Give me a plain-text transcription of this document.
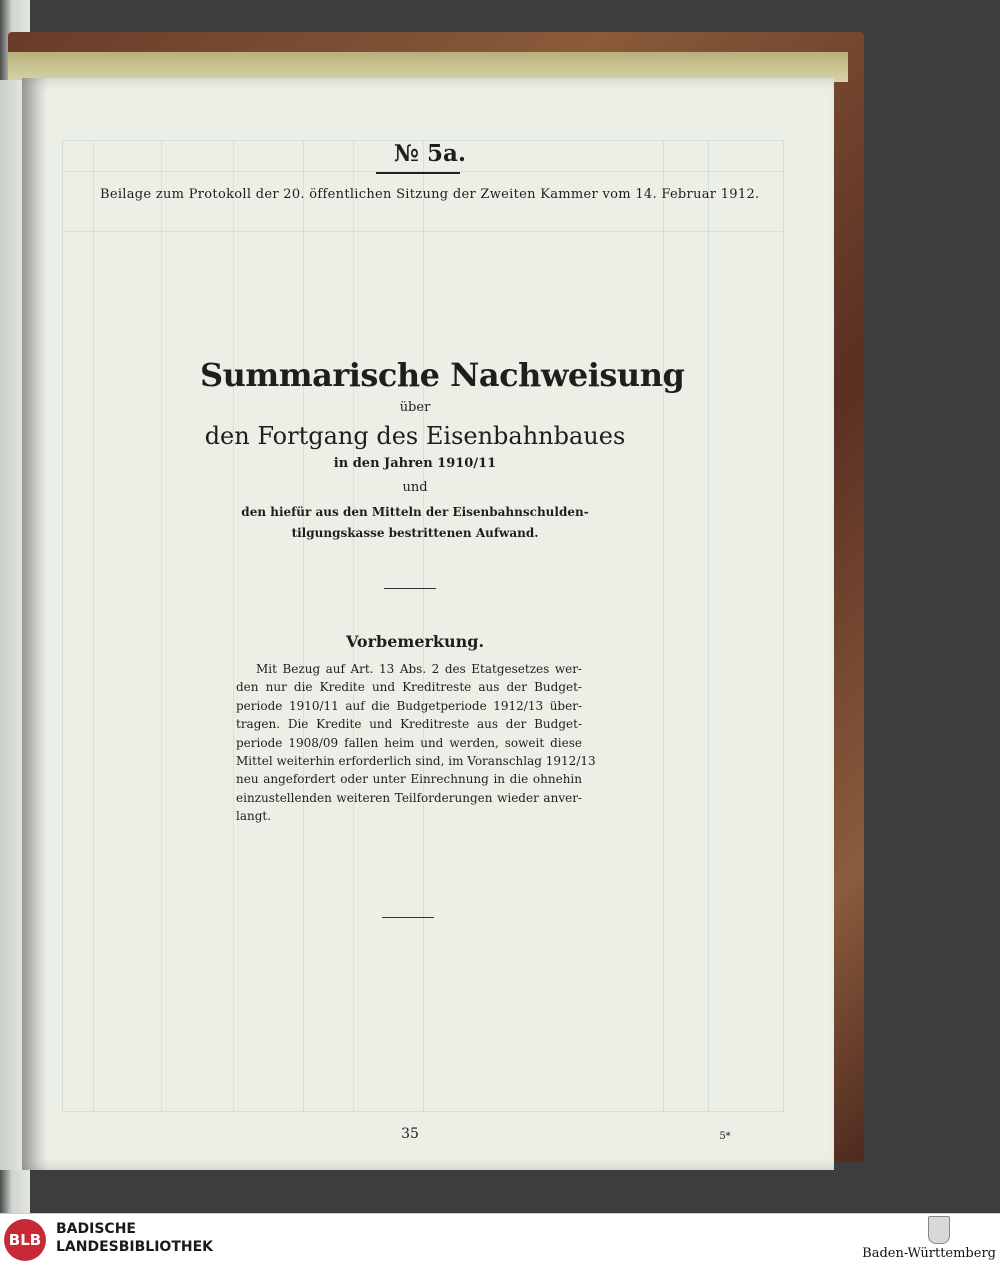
№ 5a.
Beilage zum Protokoll der 20. öffentlichen Sitzung der Zweiten Kammer vom 14. Februar 1912.
Summarische Nachweisung
über
den Fortgang des Eisenbahnbaues
in den Jahren 1910/11
und
den hiefür aus den Mitteln der Eisenbahnschulden-
tilgungskasse bestrittenen Aufwand.
Vorbemerkung.
Mit Bezug auf Art. 13 Abs. 2 des Etatgesetzes wer-
den nur die Kredite und Kreditreste aus der Budget-
periode 1910/11 auf die Budgetperiode 1912/13 über-
tragen. Die Kredite und Kreditreste aus der Budget-
periode 1908/09 fallen heim und werden, soweit diese
Mittel weiterhin erforderlich sind, im Voranschlag 1912/13
neu angefordert oder unter Einrechnung in die ohnehin
einzustellenden weiteren Teilforderungen wieder anver-
langt.
35	5*
BLB
BADISCHE
LANDESBIBLIOTHEK	Baden-Württemberg
